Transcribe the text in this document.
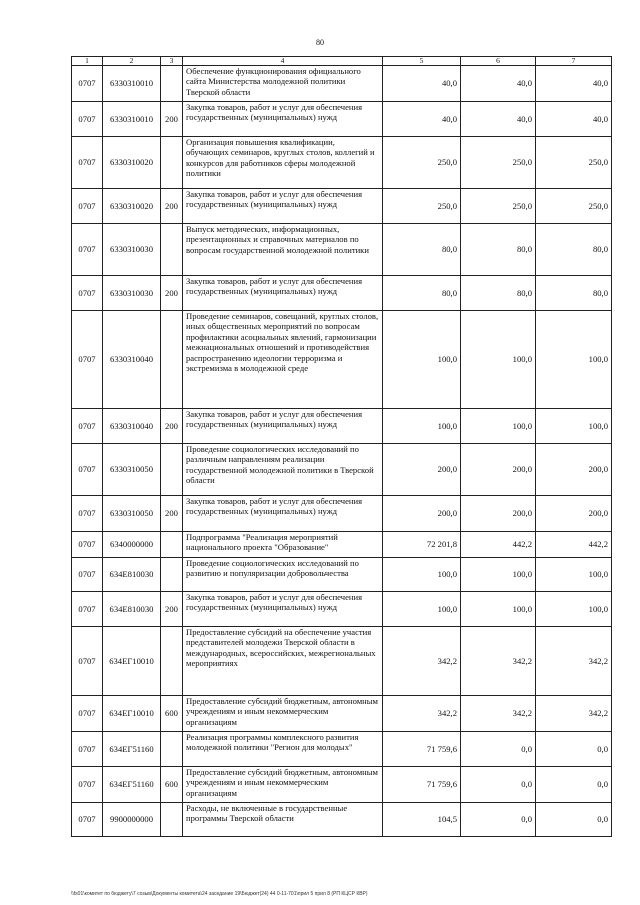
80
1	2	3	4	5	6	7
0707	6330310010		Обеспечение функционирования официального сайта Министерства молодежной политики Тверской области	40,0	40,0	40,0
0707	6330310010	200	Закупка товаров, работ и услуг для обеспечения государственных (муниципальных) нужд	40,0	40,0	40,0
0707	6330310020		Организация повышения квалификации, обучающих семинаров, круглых столов, коллегий и конкурсов для работников сферы молодежной политики	250,0	250,0	250,0
0707	6330310020	200	Закупка товаров, работ и услуг для обеспечения государственных (муниципальных) нужд	250,0	250,0	250,0
0707	6330310030		Выпуск методических, информационных, презентационных и справочных материалов по вопросам государственной молодежной политики	80,0	80,0	80,0
0707	6330310030	200	Закупка товаров, работ и услуг для обеспечения государственных (муниципальных) нужд	80,0	80,0	80,0
0707	6330310040		Проведение семинаров, совещаний, круглых столов, иных общественных мероприятий по вопросам профилактики асоциальных явлений, гармонизации межнациональных отношений и противодействия распространению идеологии терроризма и экстремизма в молодежной среде	100,0	100,0	100,0
0707	6330310040	200	Закупка товаров, работ и услуг для обеспечения государственных (муниципальных) нужд	100,0	100,0	100,0
0707	6330310050		Проведение социологических исследований по различным направлениям реализации государственной молодежной политики в Тверской области	200,0	200,0	200,0
0707	6330310050	200	Закупка товаров, работ и услуг для обеспечения государственных (муниципальных) нужд	200,0	200,0	200,0
0707	6340000000		Подпрограмма "Реализация мероприятий национального проекта "Образование"	72 201,8	442,2	442,2
0707	634Е810030		Проведение социологических исследований по развитию и популяризации добровольчества	100,0	100,0	100,0
0707	634Е810030	200	Закупка товаров, работ и услуг для обеспечения государственных (муниципальных) нужд	100,0	100,0	100,0
0707	634ЕГ10010		Предоставление субсидий на обеспечение участия представителей молодежи Тверской области в международных, всероссийских, межрегиональных мероприятиях	342,2	342,2	342,2
0707	634ЕГ10010	600	Предоставление субсидий бюджетным, автономным учреждениям и иным некоммерческим организациям	342,2	342,2	342,2
0707	634ЕГ51160		Реализация программы комплексного развития молодежной политики "Регион для молодых"	71 759,6	0,0	0,0
0707	634ЕГ51160	600	Предоставление субсидий бюджетным, автономным учреждениям и иным некоммерческим организациям	71 759,6	0,0	0,0
0707	9900000000		Расходы, не включенные в государственные программы Тверской области	104,5	0,0	0,0
\\fs01\комитет по бюджету\7 созыв\Документы комитета\24 заседание 19\Бюджет(24) 44 0-11-701\прил 5 прил 8 (РП КЦСР КВР)
